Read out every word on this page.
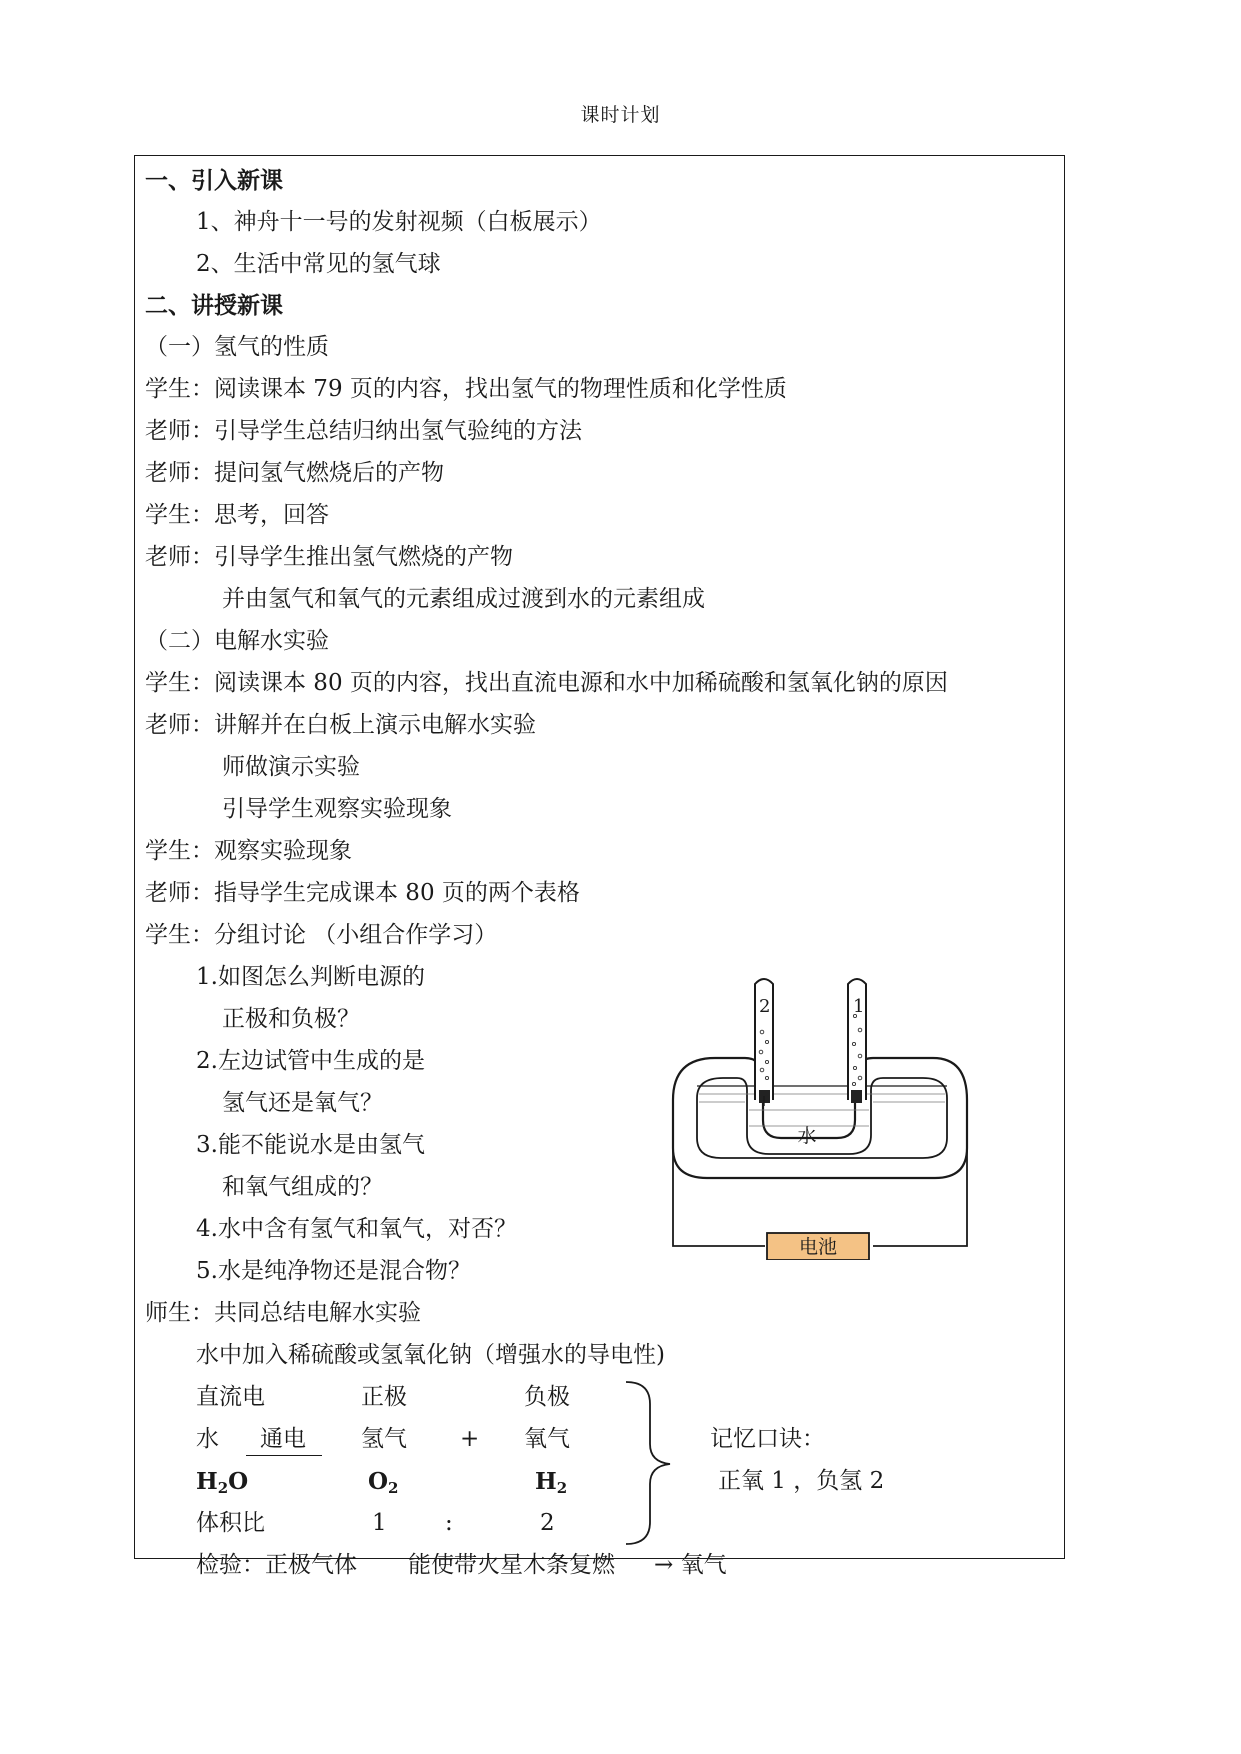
课时计划
一、引入新课
1、神舟十一号的发射视频（白板展示）
2、生活中常见的氢气球
二、讲授新课
（一）氢气的性质
学生：阅读课本 79 页的内容，找出氢气的物理性质和化学性质
老师：引导学生总结归纳出氢气验纯的方法
老师：提问氢气燃烧后的产物
学生：思考，回答
老师：引导学生推出氢气燃烧的产物
并由氢气和氧气的元素组成过渡到水的元素组成
（二）电解水实验
学生：阅读课本 80 页的内容，找出直流电源和水中加稀硫酸和氢氧化钠的原因
老师：讲解并在白板上演示电解水实验
师做演示实验
引导学生观察实验现象
学生：观察实验现象
老师：指导学生完成课本 80 页的两个表格
学生：分组讨论 （小组合作学习）
1.如图怎么判断电源的
正极和负极？
2.左边试管中生成的是
氢气还是氧气？
3.能不能说水是由氢气
和氧气组成的？
4.水中含有氢气和氧气，对否？
5.水是纯净物还是混合物？
2	1
水
电池
师生：共同总结电解水实验
水中加入稀硫酸或氢氧化钠（增强水的导电性)
直流电	正极	负极
水 通电 氢气 + 氧气
$H_2O$	$O_2$	$H_2$
体积比	1	:	2
记忆口诀：
正氧 1 ，负氢 2
检验：正极气体 能使带火星木条复燃 → 氧气
